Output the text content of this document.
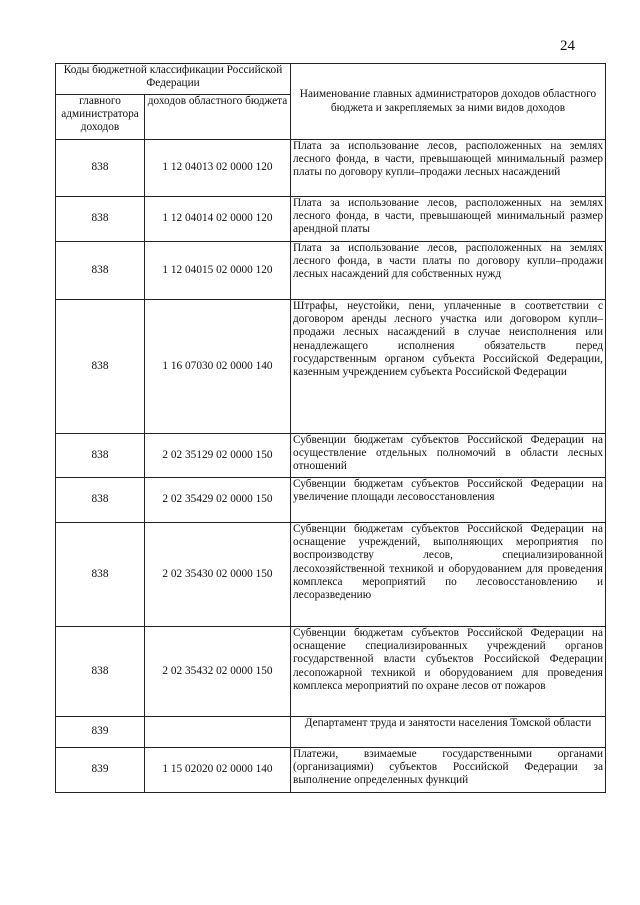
24
Коды бюджетной классификации Российской Федерации		Наименование главных администраторов доходов областного бюджета и закрепляемых за ними видов доходов
главного администратора доходов	доходов областного бюджета	
838	1 12 04013 02 0000 120	Плата за использование лесов, расположенных на землях лесного фонда, в части, превышающей минимальный размер платы по договору купли–продажи лесных насаждений
838	1 12 04014 02 0000 120	Плата за использование лесов, расположенных на землях лесного фонда, в части, превышающей минимальный размер арендной платы
838	1 12 04015 02 0000 120	Плата за использование лесов, расположенных на землях лесного фонда, в части платы по договору купли–продажи лесных насаждений для собственных нужд
838	1 16 07030 02 0000 140	Штрафы, неустойки, пени, уплаченные в соответствии с договором аренды лесного участка или договором купли–продажи лесных насаждений в случае неисполнения или ненадлежащего исполнения обязательств перед государственным органом субъекта Российской Федерации, казенным учреждением субъекта Российской Федерации
838	2 02 35129 02 0000 150	Субвенции бюджетам субъектов Российской Федерации на осуществление отдельных полномочий в области лесных отношений
838	2 02 35429 02 0000 150	Субвенции бюджетам субъектов Российской Федерации на увеличение площади лесовосстановления
838	2 02 35430 02 0000 150	Субвенции бюджетам субъектов Российской Федерации на оснащение учреждений, выполняющих мероприятия по воспроизводству лесов, специализированной лесохозяйственной техникой и оборудованием для проведения комплекса мероприятий по лесовосстановлению и лесоразведению
838	2 02 35432 02 0000 150	Субвенции бюджетам субъектов Российской Федерации на оснащение специализированных учреждений органов государственной власти субъектов Российской Федерации лесопожарной техникой и оборудованием для проведения комплекса мероприятий по охране лесов от пожаров
839		Департамент труда и занятости населения Томской области
839	1 15 02020 02 0000 140	Платежи, взимаемые государственными органами (организациями) субъектов Российской Федерации за выполнение определенных функций
